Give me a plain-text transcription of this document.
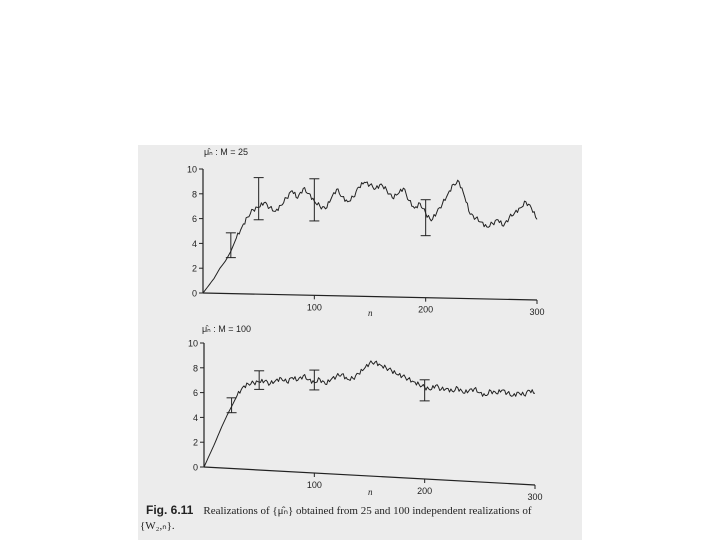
0
2
4
6
8
10
100	200	300
μ̂ₙ : M = 25
n
0
2
4
6
8
10
100
200
300
μ̂ₙ : M = 100
n
Fig. 6.11 Realizations of {μ̂ₙ} obtained from 25 and 100 independent realizations of
{W₂,ₙ}.
